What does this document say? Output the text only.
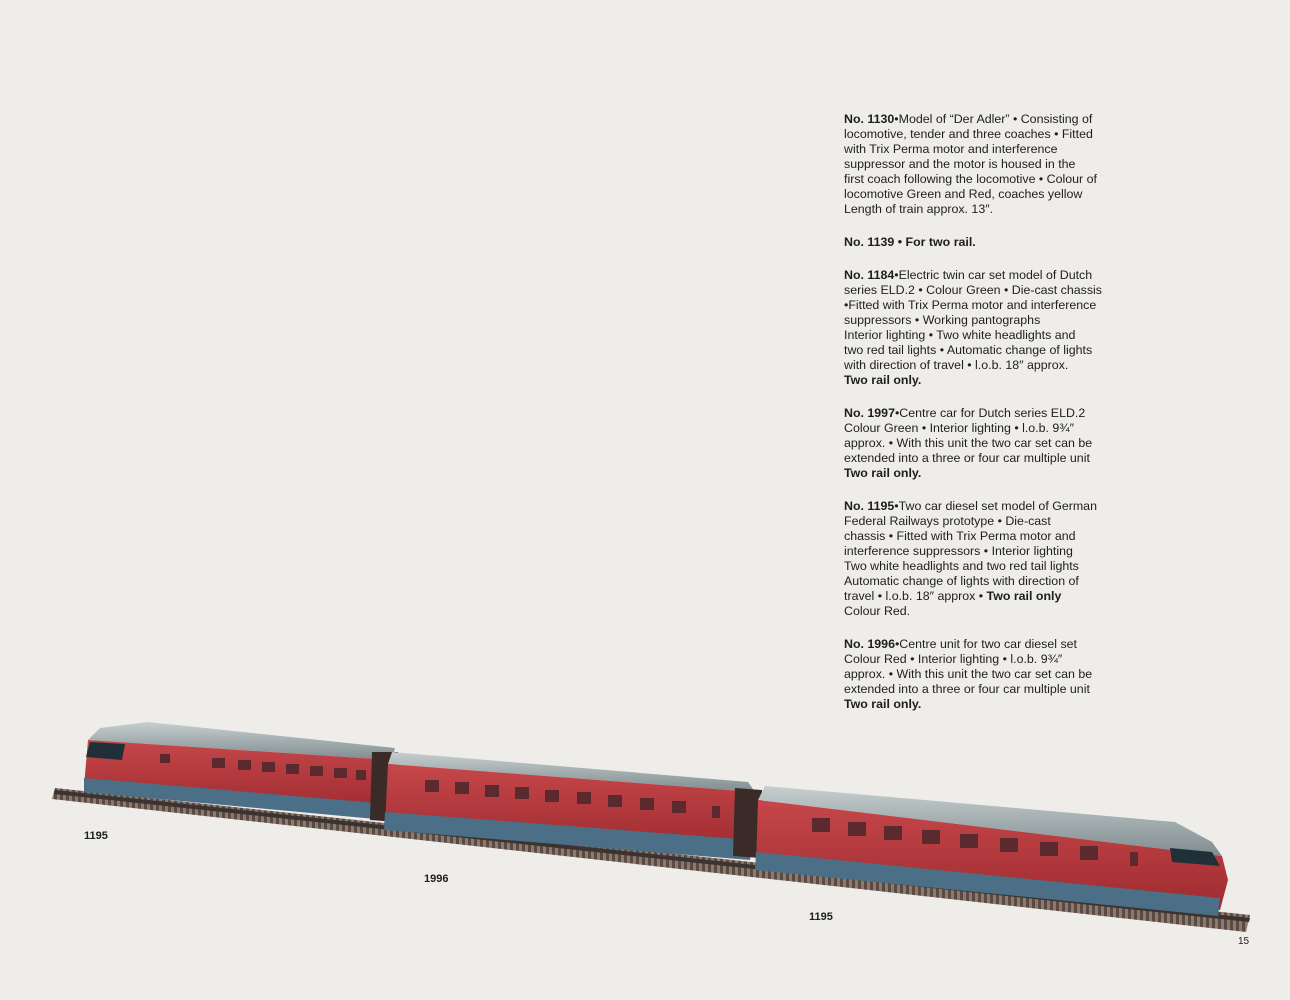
No. 1130•Model of “Der Adler” • Consisting of
locomotive, tender and three coaches • Fitted
with Trix Perma motor and interference
suppressor and the motor is housed in the
first coach following the locomotive • Colour of
locomotive Green and Red, coaches yellow
Length of train approx. 13″.
No. 1139 • For two rail.
No. 1184•Electric twin car set model of Dutch
series ELD.2 • Colour Green • Die-cast chassis
•Fitted with Trix Perma motor and interference
suppressors • Working pantographs
Interior lighting • Two white headlights and
two red tail lights • Automatic change of lights
with direction of travel • l.o.b. 18″ approx.
Two rail only.
No. 1997•Centre car for Dutch series ELD.2
Colour Green • Interior lighting • l.o.b. 9¾″
approx. • With this unit the two car set can be
extended into a three or four car multiple unit
Two rail only.
No. 1195•Two car diesel set model of German
Federal Railways prototype • Die-cast
chassis • Fitted with Trix Perma motor and
interference suppressors • Interior lighting
Two white headlights and two red tail lights
Automatic change of lights with direction of
travel • l.o.b. 18″ approx • Two rail only
Colour Red.
No. 1996•Centre unit for two car diesel set
Colour Red • Interior lighting • l.o.b. 9¾″
approx. • With this unit the two car set can be
extended into a three or four car multiple unit
Two rail only.
1195
1996
1195
15
